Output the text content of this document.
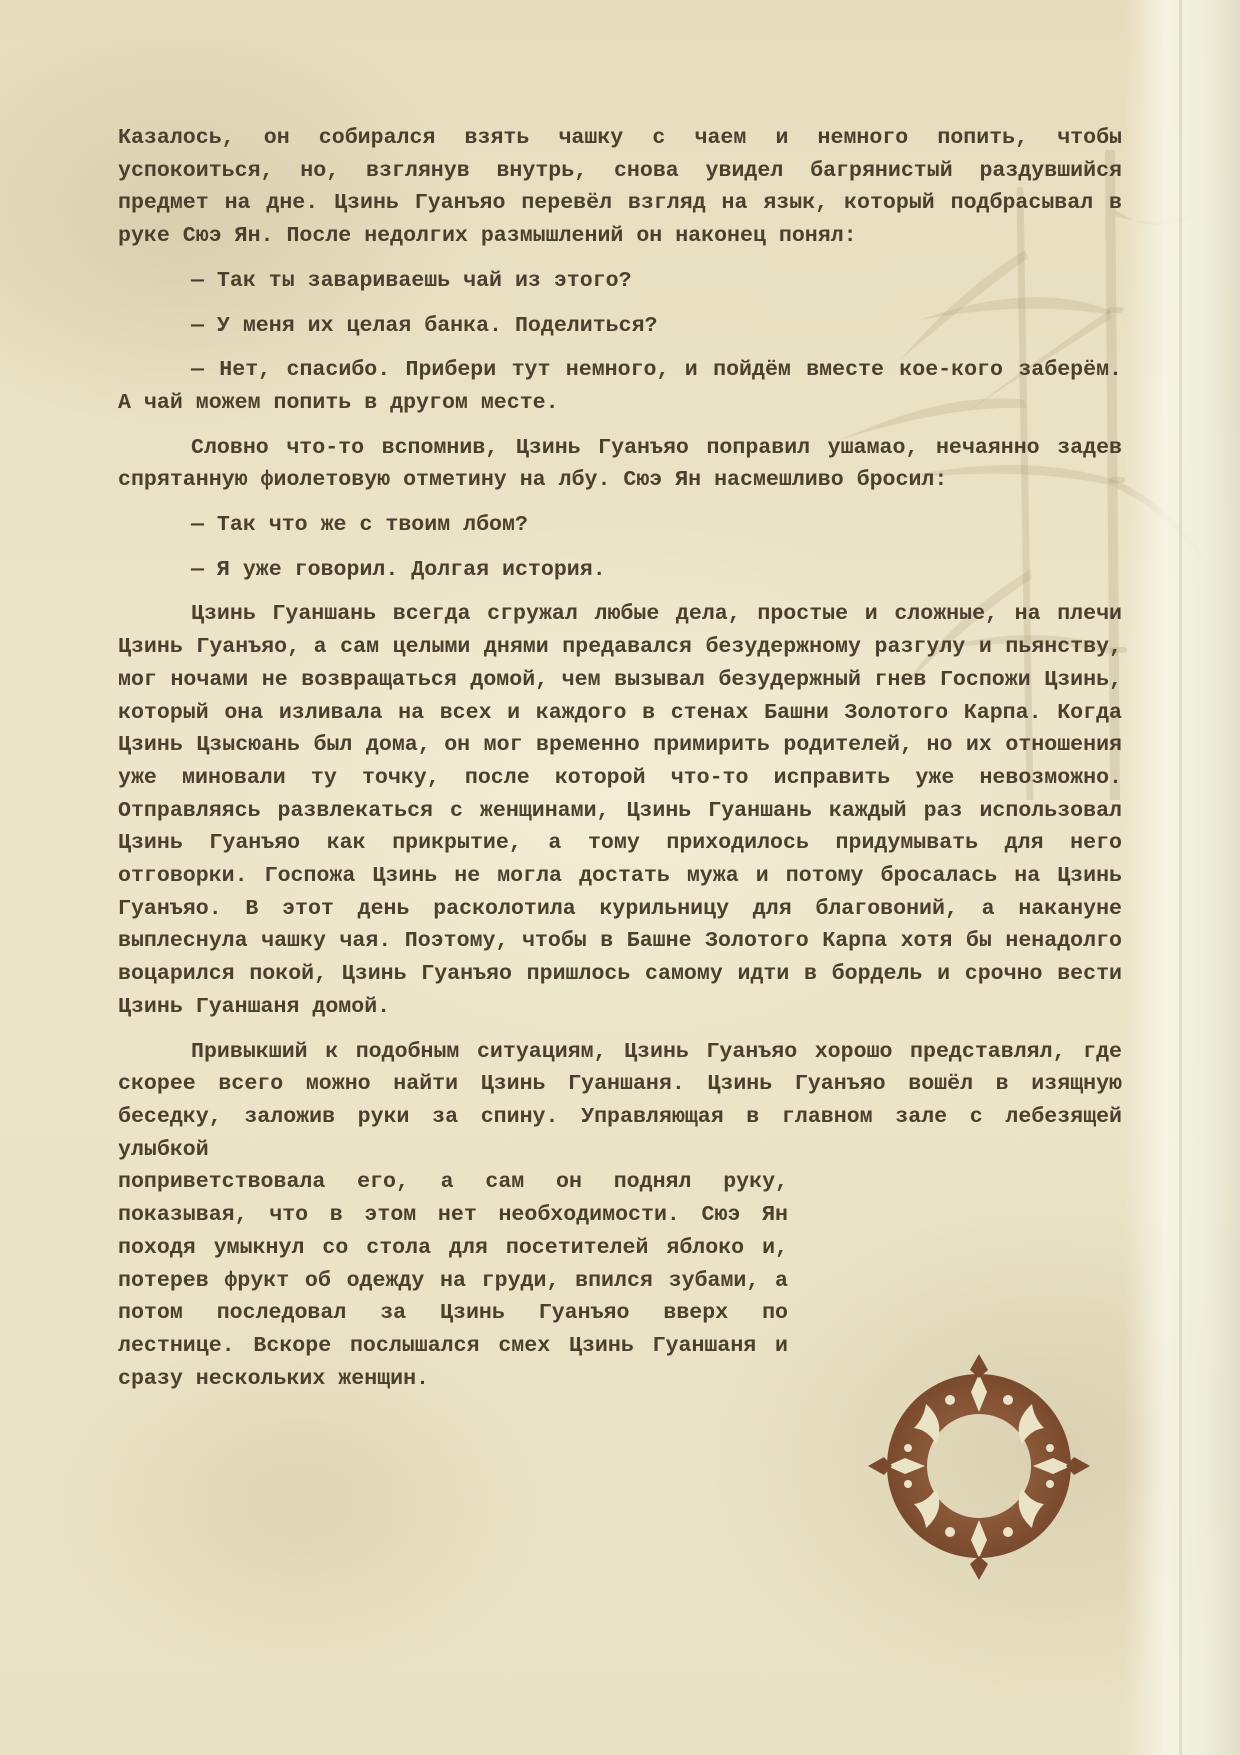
Казалось, он собирался взять чашку с чаем и немного попить, чтобы успокоиться, но, взглянув внутрь, снова увидел багрянистый раздувшийся предмет на дне. Цзинь Гуанъяо перевёл взгляд на язык, который подбрасывал в руке Сюэ Ян. После недолгих размышлений он наконец понял:

— Так ты завариваешь чай из этого?

— У меня их целая банка. Поделиться?

— Нет, спасибо. Прибери тут немного, и пойдём вместе кое-кого заберём. А чай можем попить в другом месте.

Словно что-то вспомнив, Цзинь Гуанъяо поправил ушамао, нечаянно задев спрятанную фиолетовую отметину на лбу. Сюэ Ян насмешливо бросил:

— Так что же с твоим лбом?

— Я уже говорил. Долгая история.

Цзинь Гуаншань всегда сгружал любые дела, простые и сложные, на плечи Цзинь Гуанъяо, а сам целыми днями предавался безудержному разгулу и пьянству, мог ночами не возвращаться домой, чем вызывал безудержный гнев Госпожи Цзинь, который она изливала на всех и каждого в стенах Башни Золотого Карпа. Когда Цзинь Цзысюань был дома, он мог временно примирить родителей, но их отношения уже миновали ту точку, после которой что-то исправить уже невозможно. Отправляясь развлекаться с женщинами, Цзинь Гуаншань каждый раз использовал Цзинь Гуанъяо как прикрытие, а тому приходилось придумывать для него отговорки. Госпожа Цзинь не могла достать мужа и потому бросалась на Цзинь Гуанъяо. В этот день расколотила курильницу для благовоний, а накануне выплеснула чашку чая. Поэтому, чтобы в Башне Золотого Карпа хотя бы ненадолго воцарился покой, Цзинь Гуанъяо пришлось самому идти в бордель и срочно вести Цзинь Гуаншаня домой.

Привыкший к подобным ситуациям, Цзинь Гуанъяо хорошо представлял, где скорее всего можно найти Цзинь Гуаншаня. Цзинь Гуанъяо вошёл в изящную беседку, заложив руки за спину. Управляющая в главном зале с лебезящей улыбкой

поприветствовала его, а сам он поднял руку, показывая, что в этом нет необходимости. Сюэ Ян походя умыкнул со стола для посетителей яблоко и, потерев фрукт об одежду на груди, впился зубами, а потом последовал за Цзинь Гуанъяо вверх по лестнице. Вскоре послышался смех Цзинь Гуаншаня и сразу нескольких женщин.
